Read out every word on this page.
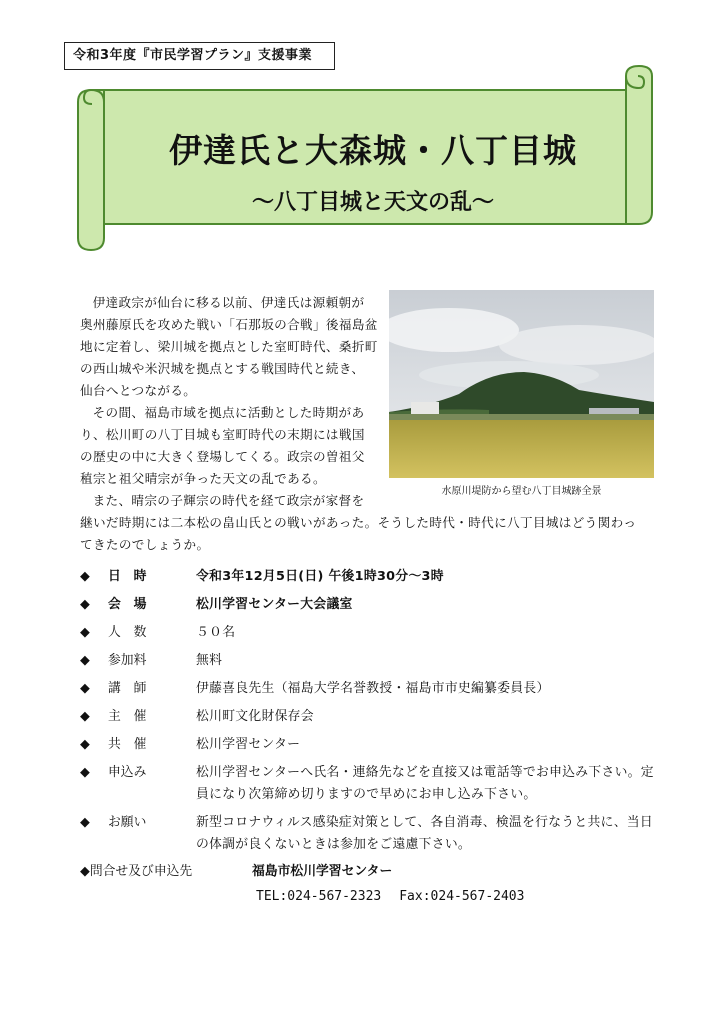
令和3年度『市民学習プラン』支援事業
伊達氏と大森城・八丁目城
～八丁目城と天文の乱～

伊達政宗が仙台に移る以前、伊達氏は源頼朝が
奥州藤原氏を攻めた戦い「石那坂の合戦」後福島盆
地に定着し、梁川城を拠点とした室町時代、桑折町
の西山城や米沢城を拠点とする戦国時代と続き、
仙台へとつながる。

その間、福島市域を拠点に活動とした時期があ
り、松川町の八丁目城も室町時代の末期には戦国
の歴史の中に大きく登場してくる。政宗の曽祖父
稙宗と祖父晴宗が争った天文の乱である。

また、晴宗の子輝宗の時代を経て政宗が家督を
継いだ時期には二本松の畠山氏との戦いがあった。そうした時代・時代に八丁目城はどう関わっ
てきたのでしょうか。

水原川堤防から望む八丁目城跡全景
◆	日　時	令和3年12月5日(日) 午後1時30分～3時
◆	会　場	松川学習センター大会議室
◆	人　数	５０名
◆	参加料	無料
◆	講　師	伊藤喜良先生（福島大学名誉教授・福島市市史編纂委員長）
◆	主　催	松川町文化財保存会
◆	共　催	松川学習センター
◆	申込み	松川学習センターへ氏名・連絡先などを直接又は電話等でお申込み下さい。定員になり次第締め切りますので早めにお申し込み下さい。
◆	お願い	新型コロナウィルス感染症対策として、各自消毒、検温を行なうと共に、当日の体調が良くないときは参加をご遠慮下さい。
◆問合せ及び申込先	福島市松川学習センター
TEL:024-567-2323 Fax:024-567-2403
